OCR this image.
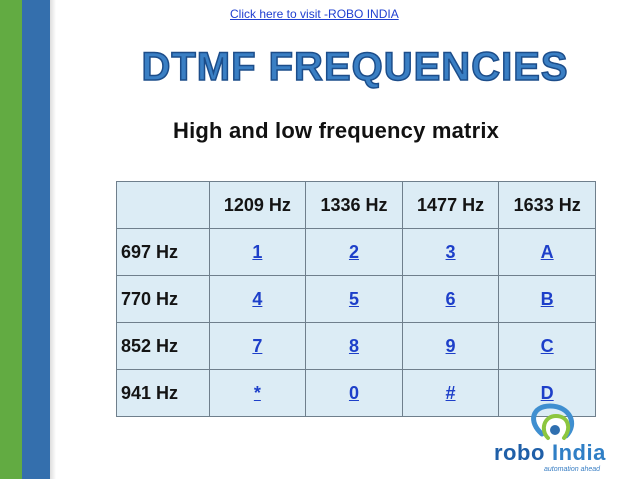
Click here to visit -ROBO INDIA
DTMF FREQUENCIES
High and low frequency matrix
	1209 Hz	1336 Hz	1477 Hz	1633 Hz
697 Hz	1	2	3	A
770 Hz	4	5	6	B
852 Hz	7	8	9	C
941 Hz	*	0	#	D
robo India
automation ahead
